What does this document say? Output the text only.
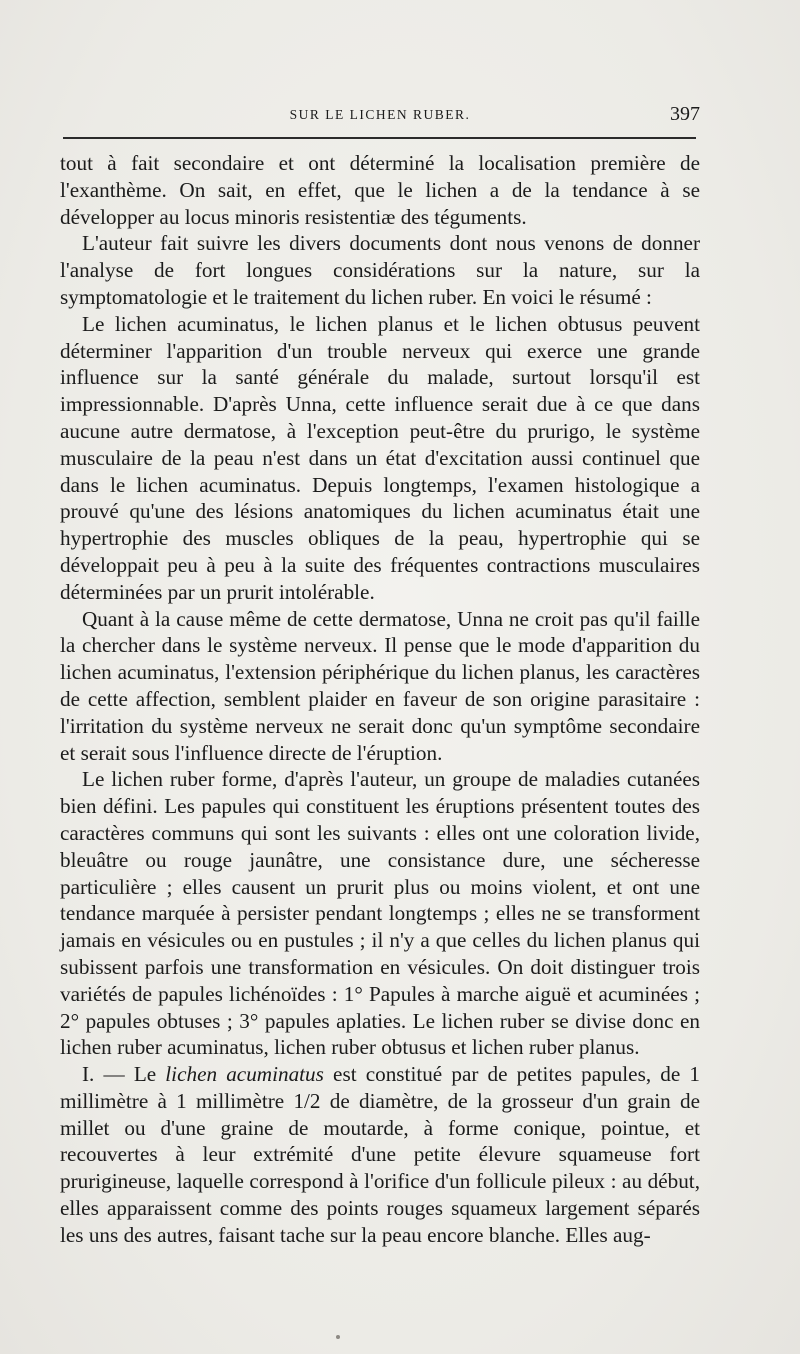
SUR LE LICHEN RUBER.	397

tout à fait secondaire et ont déterminé la localisation première de l'exanthème. On sait, en effet, que le lichen a de la tendance à se développer au locus minoris resistentiæ des téguments.

L'auteur fait suivre les divers documents dont nous venons de donner l'analyse de fort longues considérations sur la nature, sur la symptomatologie et le traitement du lichen ruber. En voici le résumé :

Le lichen acuminatus, le lichen planus et le lichen obtusus peuvent déterminer l'apparition d'un trouble nerveux qui exerce une grande influence sur la santé générale du malade, surtout lorsqu'il est impressionnable. D'après Unna, cette influence serait due à ce que dans aucune autre dermatose, à l'exception peut-être du prurigo, le système musculaire de la peau n'est dans un état d'excitation aussi continuel que dans le lichen acuminatus. Depuis longtemps, l'examen histologique a prouvé qu'une des lésions anatomiques du lichen acuminatus était une hypertrophie des muscles obliques de la peau, hypertrophie qui se développait peu à peu à la suite des fréquentes contractions musculaires déterminées par un prurit intolérable.

Quant à la cause même de cette dermatose, Unna ne croit pas qu'il faille la chercher dans le système nerveux. Il pense que le mode d'apparition du lichen acuminatus, l'extension périphérique du lichen planus, les caractères de cette affection, semblent plaider en faveur de son origine parasitaire : l'irritation du système nerveux ne serait donc qu'un symptôme secondaire et serait sous l'influence directe de l'éruption.

Le lichen ruber forme, d'après l'auteur, un groupe de maladies cutanées bien défini. Les papules qui constituent les éruptions présentent toutes des caractères communs qui sont les suivants : elles ont une coloration livide, bleuâtre ou rouge jaunâtre, une consistance dure, une sécheresse particulière ; elles causent un prurit plus ou moins violent, et ont une tendance marquée à persister pendant longtemps ; elles ne se transforment jamais en vésicules ou en pustules ; il n'y a que celles du lichen planus qui subissent parfois une transformation en vésicules. On doit distinguer trois variétés de papules lichénoïdes : 1° Papules à marche aiguë et acuminées ; 2° papules obtuses ; 3° papules aplaties. Le lichen ruber se divise donc en lichen ruber acuminatus, lichen ruber obtusus et lichen ruber planus.

I. — Le lichen acuminatus est constitué par de petites papules, de 1 millimètre à 1 millimètre 1/2 de diamètre, de la grosseur d'un grain de millet ou d'une graine de moutarde, à forme conique, pointue, et recouvertes à leur extrémité d'une petite élevure squameuse fort prurigineuse, laquelle correspond à l'orifice d'un follicule pileux : au début, elles apparaissent comme des points rouges squameux largement séparés les uns des autres, faisant tache sur la peau encore blanche. Elles aug-
